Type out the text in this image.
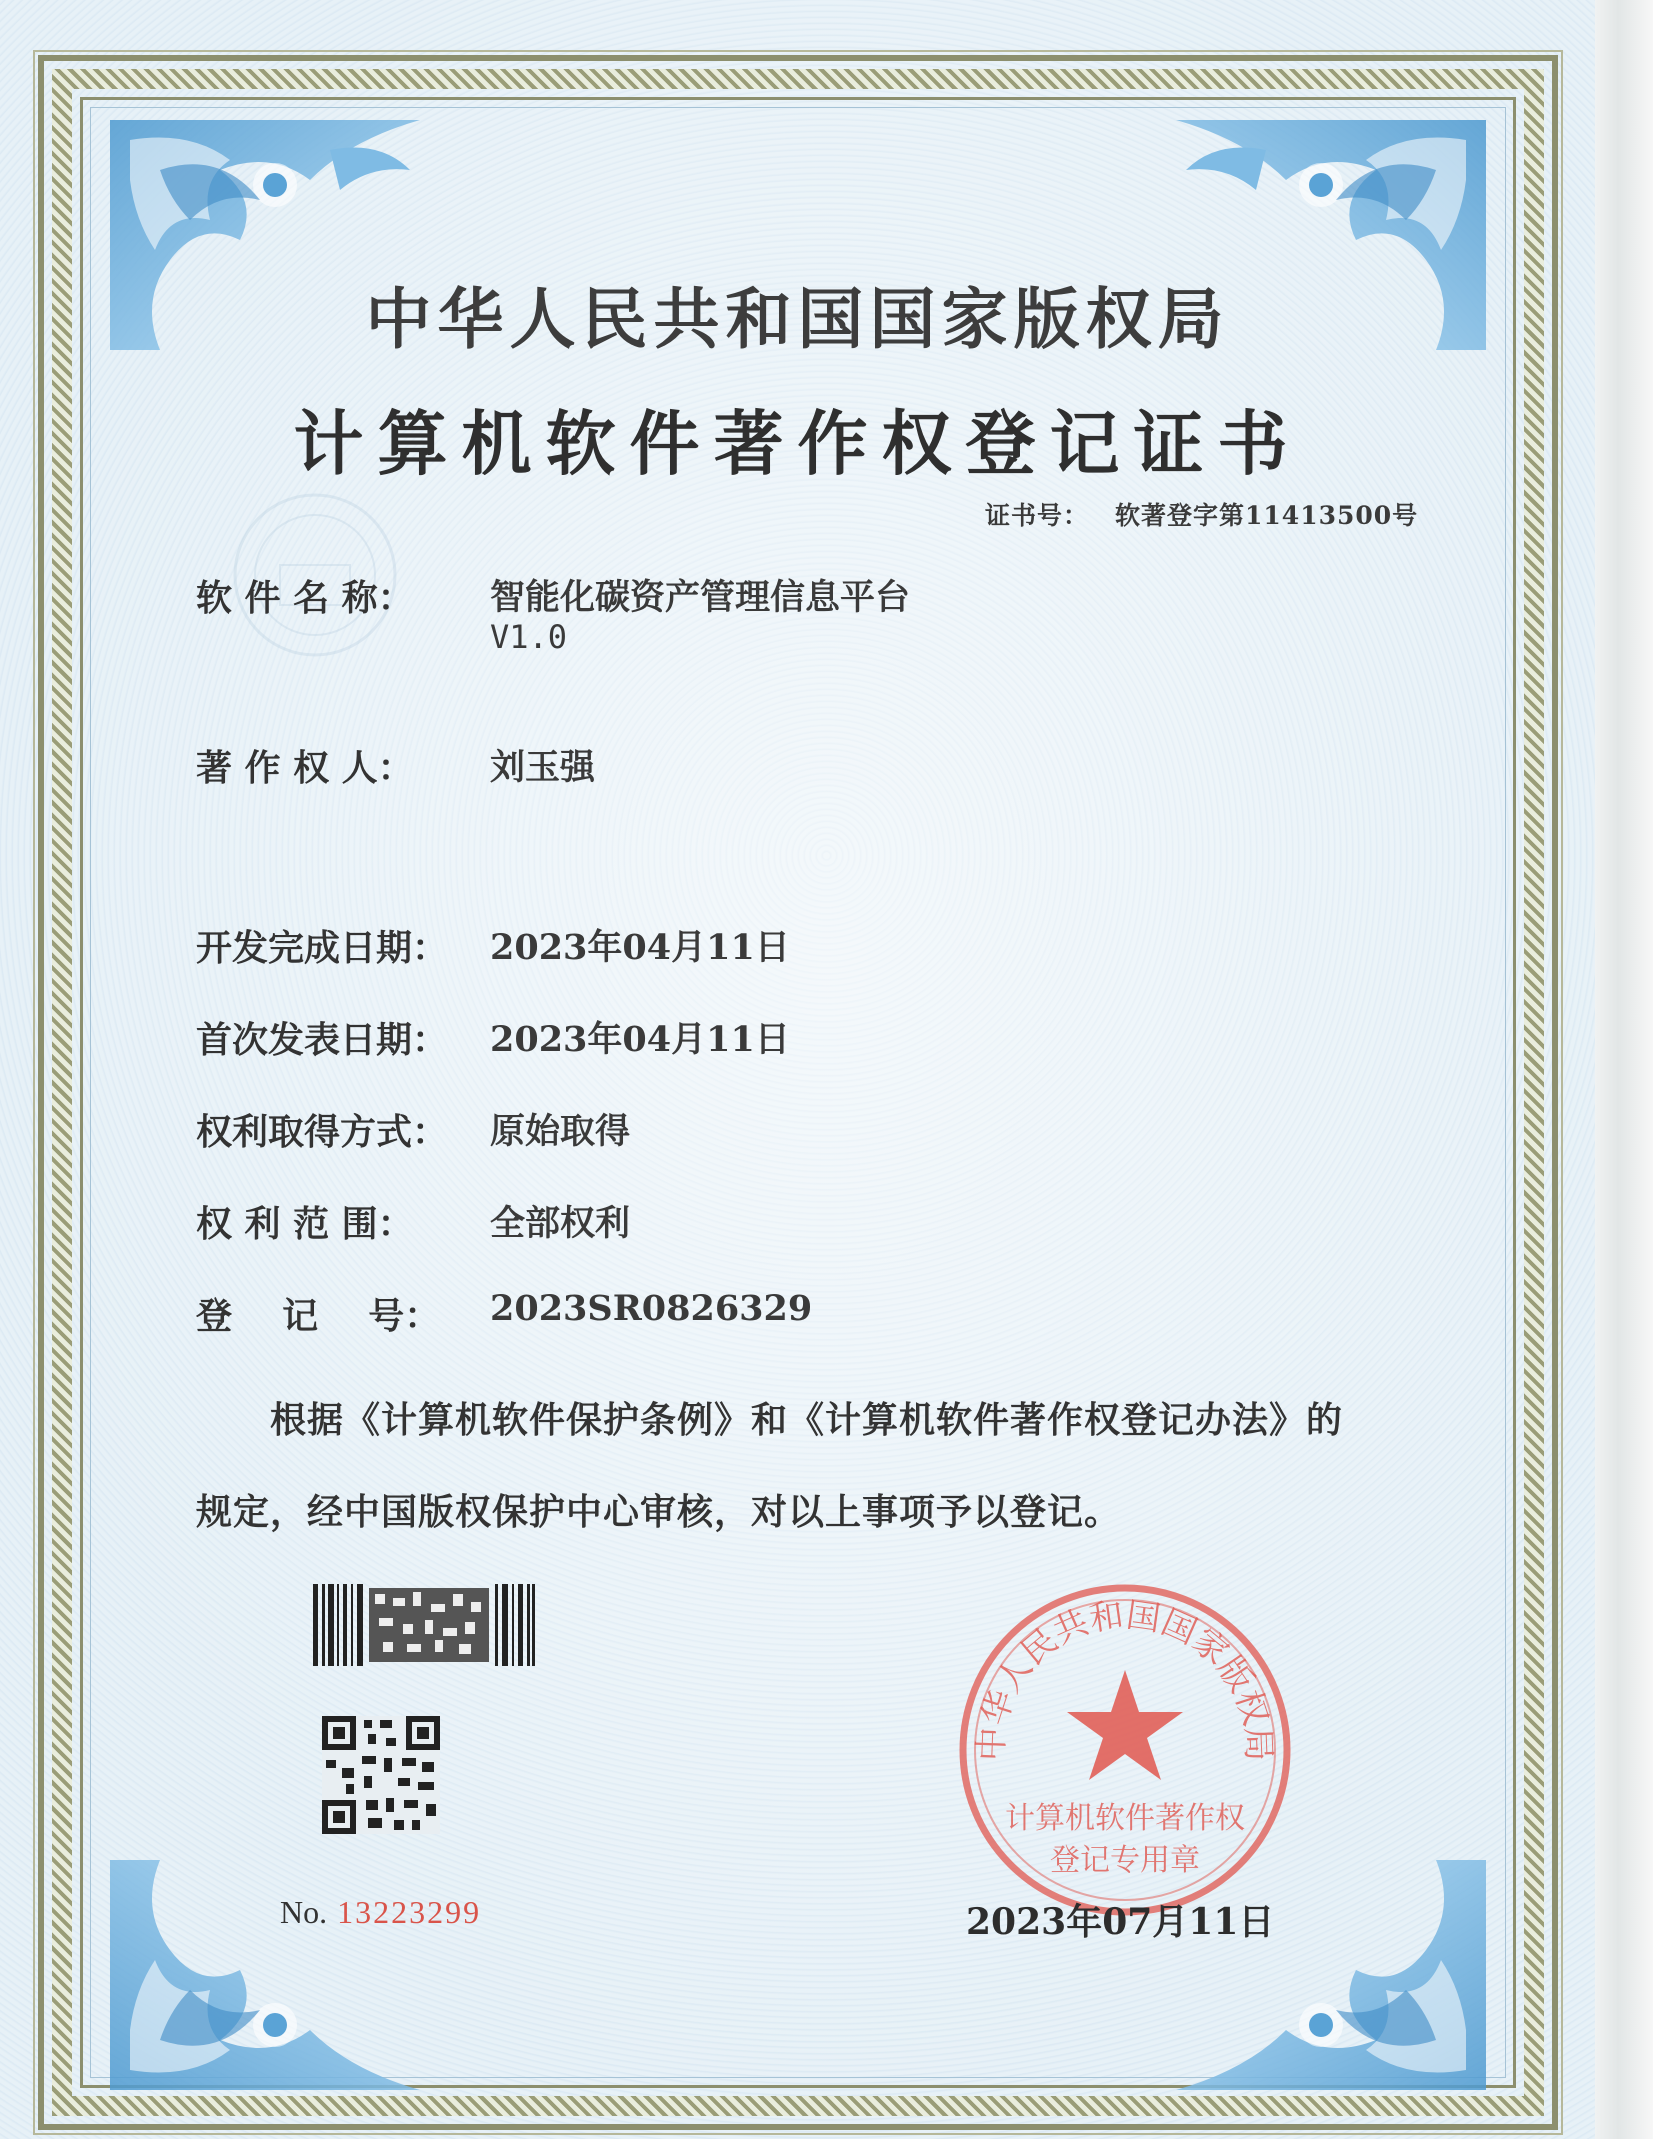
中华人民共和国国家版权局
计算机软件著作权登记证书
证书号： 软著登字第11413500号
软 件 名 称： 智能化碳资产管理信息平台
V1.0
著 作 权 人： 刘玉强
开发完成日期： 2023年04月11日
首次发表日期： 2023年04月11日
权利取得方式： 原始取得
权 利 范 围： 全部权利
登    记    号： 2023SR0826329
根据《计算机软件保护条例》和《计算机软件著作权登记办法》的
规定，经中国版权保护中心审核，对以上事项予以登记。
No. 13223299
中华人民共和国国家版权局
计算机软件著作权
登记专用章
2023年07月11日
